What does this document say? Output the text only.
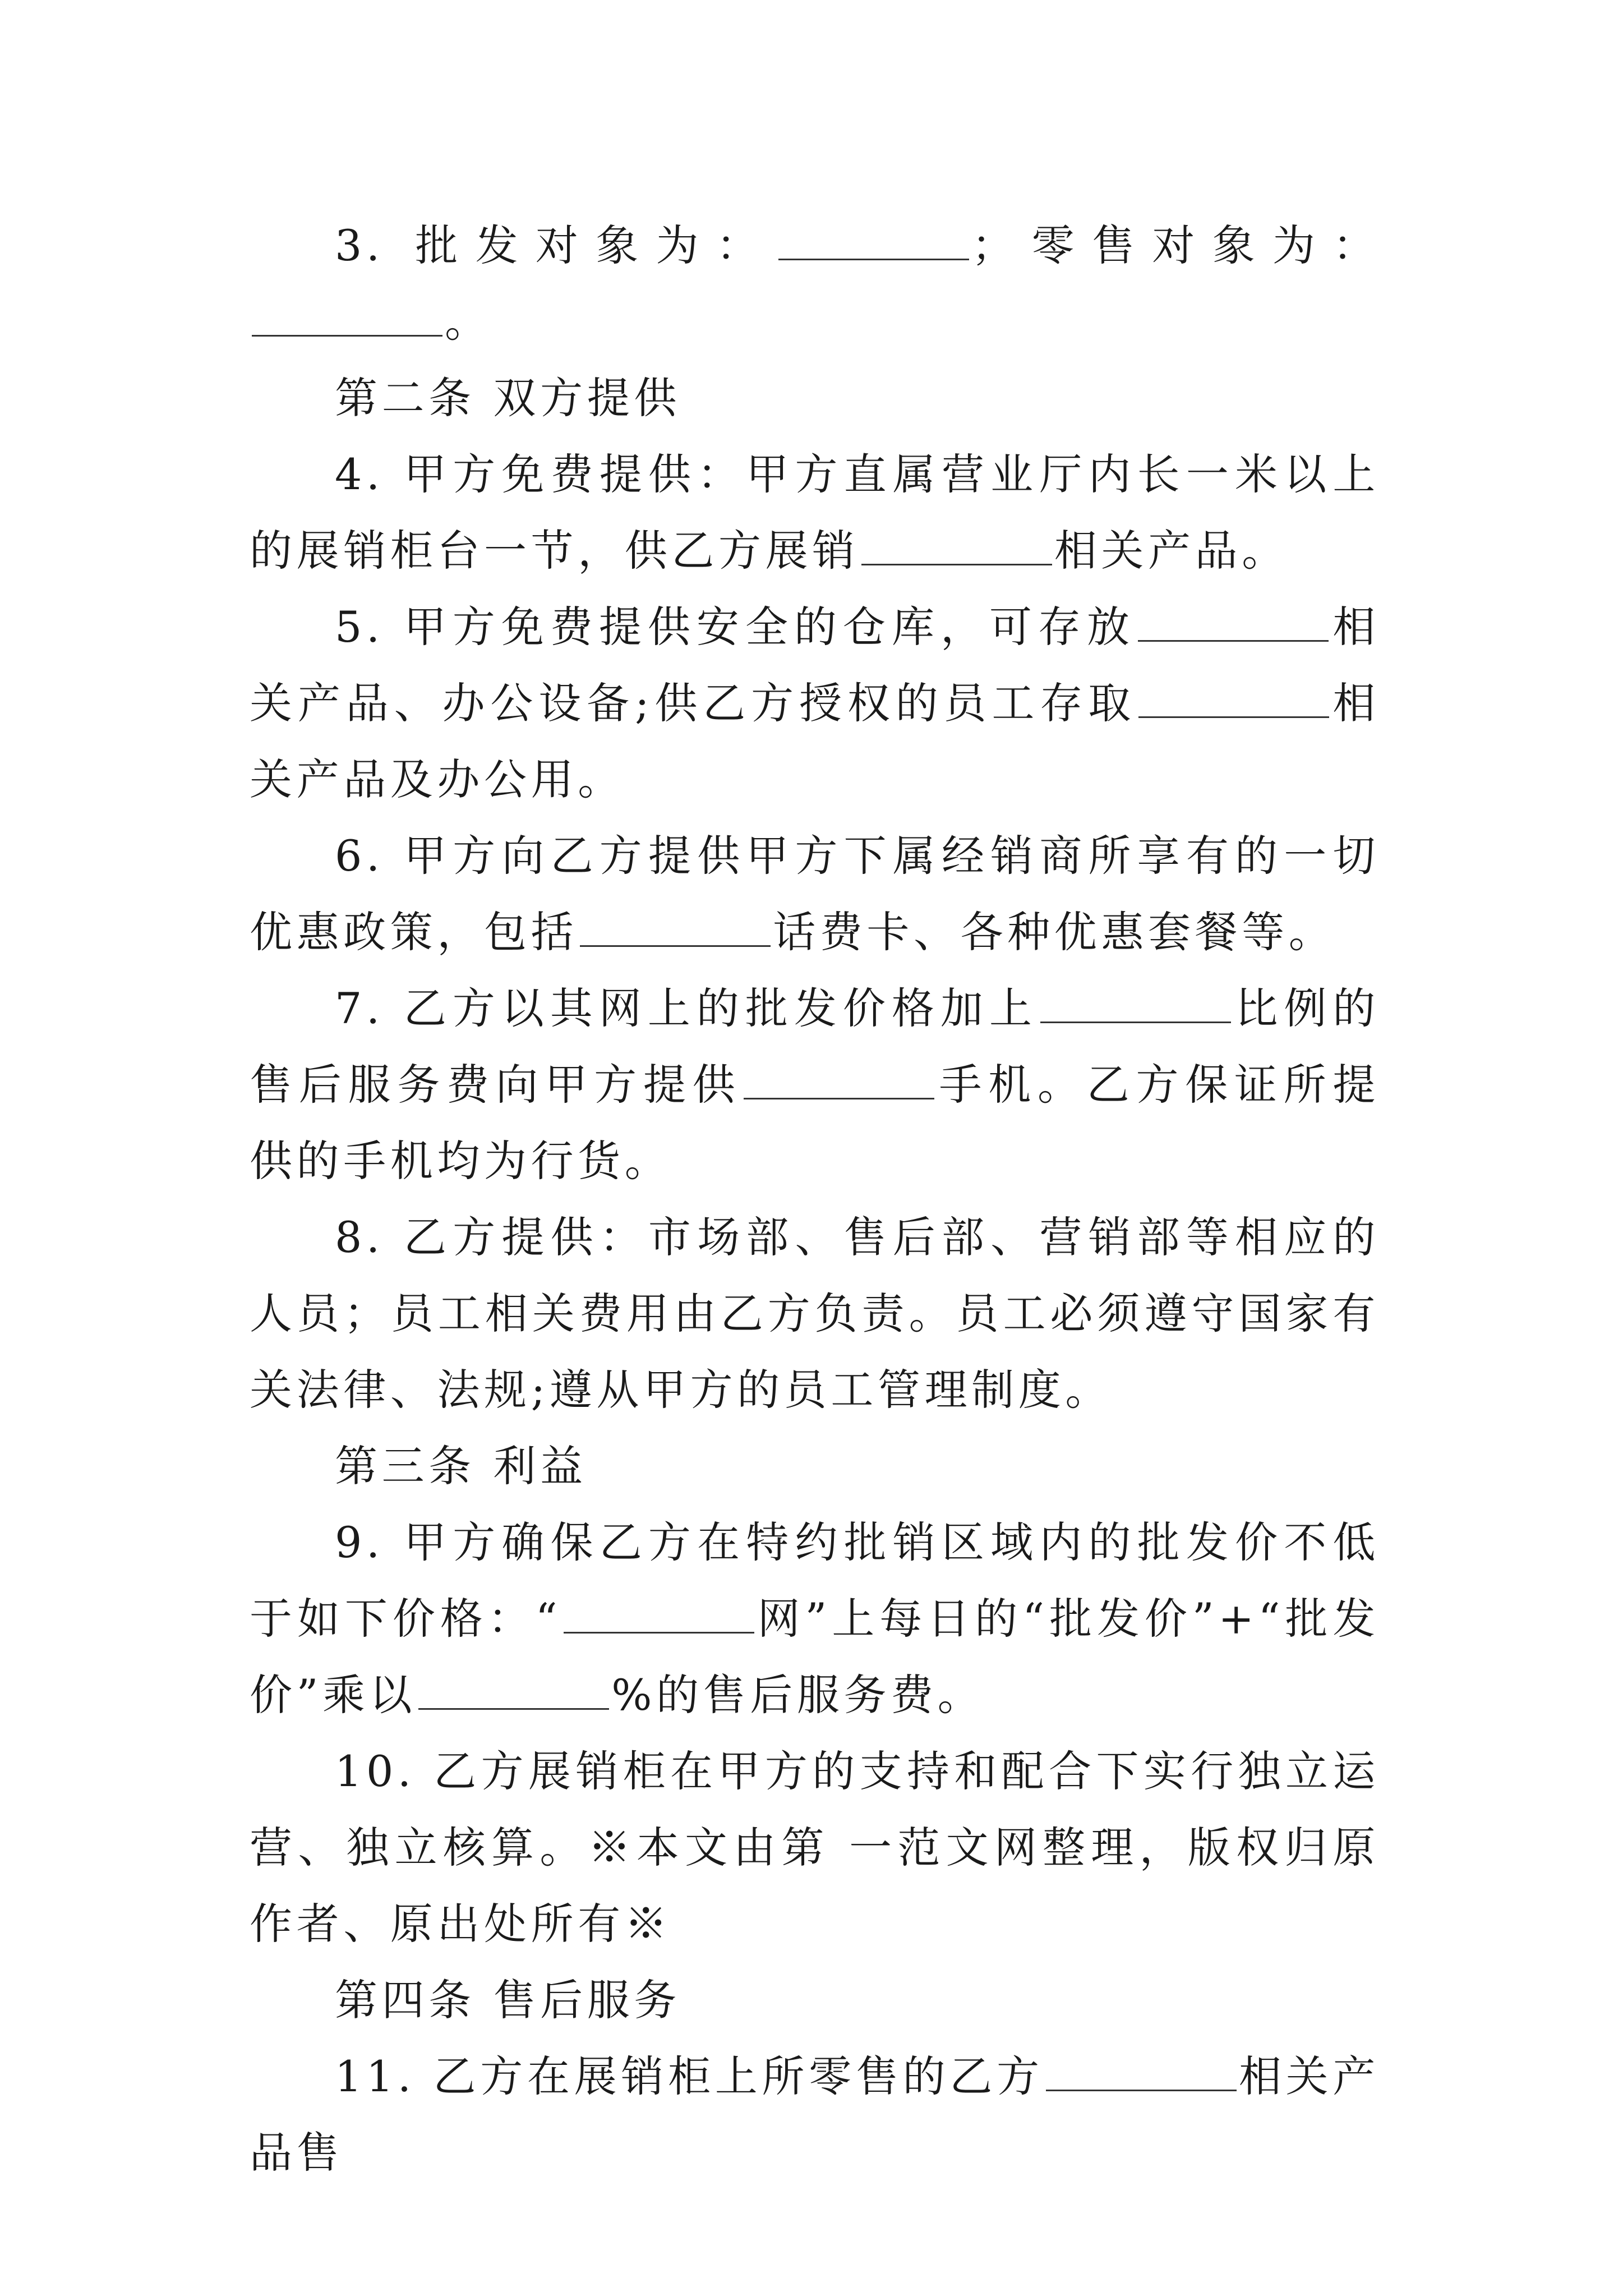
3. 批发对象为：	；零售对象为：。

第二条 双方提供

4. 甲方免费提供：甲方直属营业厅内长一米以上的展销柜台一节，供乙方展销	相关产品。

5. 甲方免费提供安全的仓库，可存放	相关产品、办公设备;供乙方授权的员工存取	相关产品及办公用。

6. 甲方向乙方提供甲方下属经销商所享有的一切优惠政策，包括	话费卡、各种优惠套餐等。

7. 乙方以其网上的批发价格加上	比例的售后服务费向甲方提供	手机。乙方保证所提供的手机均为行货。

8. 乙方提供：市场部、售后部、营销部等相应的人员；员工相关费用由乙方负责。员工必须遵守国家有关法律、法规;遵从甲方的员工管理制度。

第三条 利益

9. 甲方确保乙方在特约批销区域内的批发价不低于如下价格：“	网”上每日的“批发价”+“批发价”乘以	%的售后服务费。

10. 乙方展销柜在甲方的支持和配合下实行独立运营、独立核算。※本文由第 一范文网整理，版权归原作者、原出处所有※

第四条 售后服务

11. 乙方在展销柜上所零售的乙方	相关产品售
